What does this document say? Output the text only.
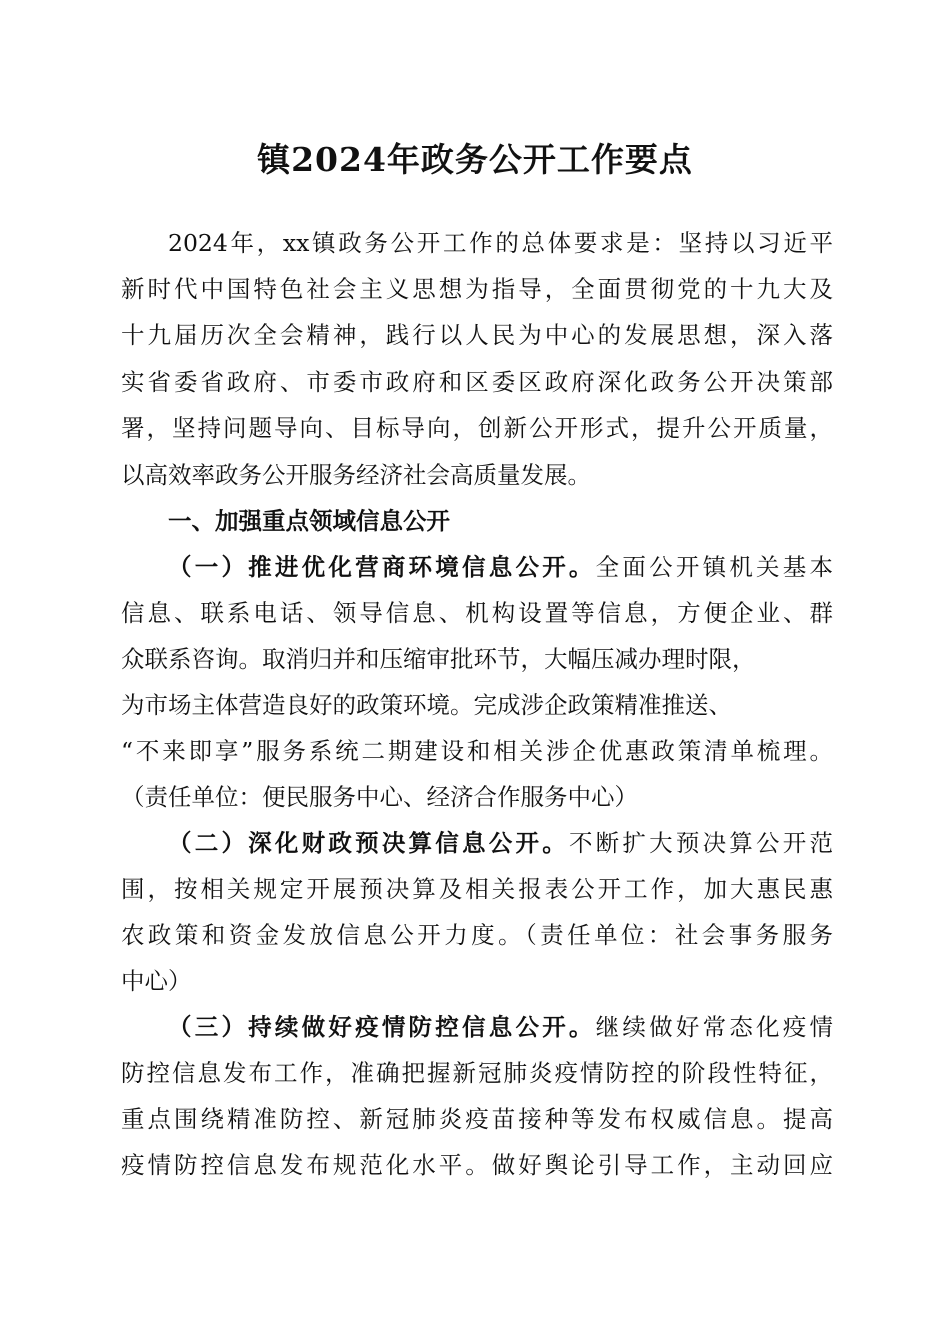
镇2024年政务公开工作要点
2024年，xx镇政务公开工作的总体要求是：坚持以习近平
新时代中国特色社会主义思想为指导，全面贯彻党的十九大及
十九届历次全会精神，践行以人民为中心的发展思想，深入落
实省委省政府、市委市政府和区委区政府深化政务公开决策部
署，坚持问题导向、目标导向，创新公开形式，提升公开质量，
以高效率政务公开服务经济社会高质量发展。
一、加强重点领域信息公开
（一）推进优化营商环境信息公开。全面公开镇机关基本
信息、联系电话、领导信息、机构设置等信息，方便企业、群
众联系咨询。取消归并和压缩审批环节，大幅压减办理时限，
为市场主体营造良好的政策环境。完成涉企政策精准推送、
“不来即享”服务系统二期建设和相关涉企优惠政策清单梳理。
（责任单位：便民服务中心、经济合作服务中心）
（二）深化财政预决算信息公开。不断扩大预决算公开范
围，按相关规定开展预决算及相关报表公开工作，加大惠民惠
农政策和资金发放信息公开力度。（责任单位：社会事务服务
中心）
（三）持续做好疫情防控信息公开。继续做好常态化疫情
防控信息发布工作，准确把握新冠肺炎疫情防控的阶段性特征，
重点围绕精准防控、新冠肺炎疫苗接种等发布权威信息。提高
疫情防控信息发布规范化水平。做好舆论引导工作，主动回应
